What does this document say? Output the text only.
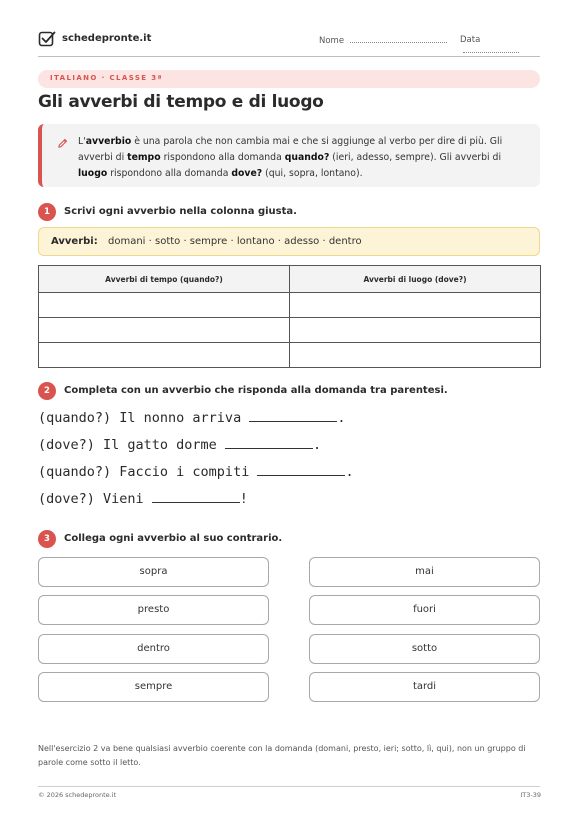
schedepronte.it	Nome	Data
ITALIANO · CLASSE 3ª
Gli avverbi di tempo e di luogo
L'avverbio è una parola che non cambia mai e che si aggiunge al verbo per dire di più. Gli avverbi di tempo rispondono alla domanda quando? (ieri, adesso, sempre). Gli avverbi di luogo rispondono alla domanda dove? (qui, sopra, lontano).
1	Scrivi ogni avverbio nella colonna giusta.
Avverbi: domani · sotto · sempre · lontano · adesso · dentro
Avverbi di tempo (quando?)	Avverbi di luogo (dove?)

2	Completa con un avverbio che risponda alla domanda tra parentesi.
(quando?) Il nonno arriva	.
(dove?) Il gatto dorme	.
(quando?) Faccio i compiti	.
(dove?) Vieni	!
3	Collega ogni avverbio al suo contrario.
sopra
presto
dentro
sempre
mai
fuori
sotto
tardi
Nell'esercizio 2 va bene qualsiasi avverbio coerente con la domanda (domani, presto, ieri; sotto, lì, qui), non un gruppo di parole come sotto il letto.
© 2026 schedepronte.it	IT3-39
